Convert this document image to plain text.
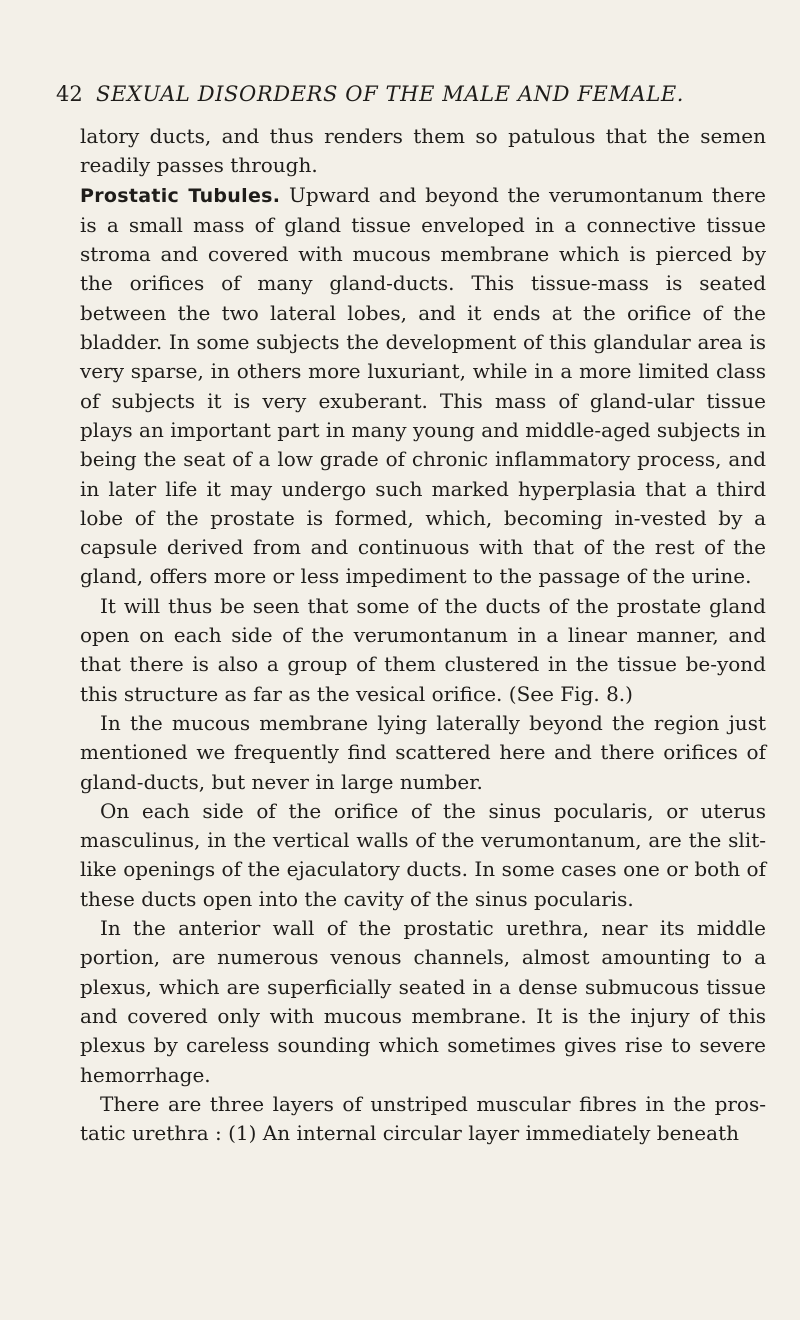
42 SEXUAL DISORDERS OF THE MALE AND FEMALE.

latory ducts, and thus renders them so patulous that the semen readily passes through.

Prostatic Tubules. Upward and beyond the verumontanum there is a small mass of gland tissue enveloped in a connective tissue stroma and covered with mucous membrane which is pierced by the orifices of many gland-ducts. This tissue-mass is seated between the two lateral lobes, and it ends at the orifice of the bladder. In some subjects the development of this glandular area is very sparse, in others more luxuriant, while in a more limited class of subjects it is very exuberant. This mass of gland-ular tissue plays an important part in many young and middle-aged subjects in being the seat of a low grade of chronic inflammatory process, and in later life it may undergo such marked hyperplasia that a third lobe of the prostate is formed, which, becoming in-vested by a capsule derived from and continuous with that of the rest of the gland, offers more or less impediment to the passage of the urine.

It will thus be seen that some of the ducts of the prostate gland open on each side of the verumontanum in a linear manner, and that there is also a group of them clustered in the tissue be-yond this structure as far as the vesical orifice. (See Fig. 8.)

In the mucous membrane lying laterally beyond the region just mentioned we frequently find scattered here and there orifices of gland-ducts, but never in large number.

On each side of the orifice of the sinus pocularis, or uterus masculinus, in the vertical walls of the verumontanum, are the slit-like openings of the ejaculatory ducts. In some cases one or both of these ducts open into the cavity of the sinus pocularis.

In the anterior wall of the prostatic urethra, near its middle portion, are numerous venous channels, almost amounting to a plexus, which are superficially seated in a dense submucous tissue and covered only with mucous membrane. It is the injury of this plexus by careless sounding which sometimes gives rise to severe hemorrhage.

There are three layers of unstriped muscular fibres in the pros-tatic urethra : (1) An internal circular layer immediately beneath
